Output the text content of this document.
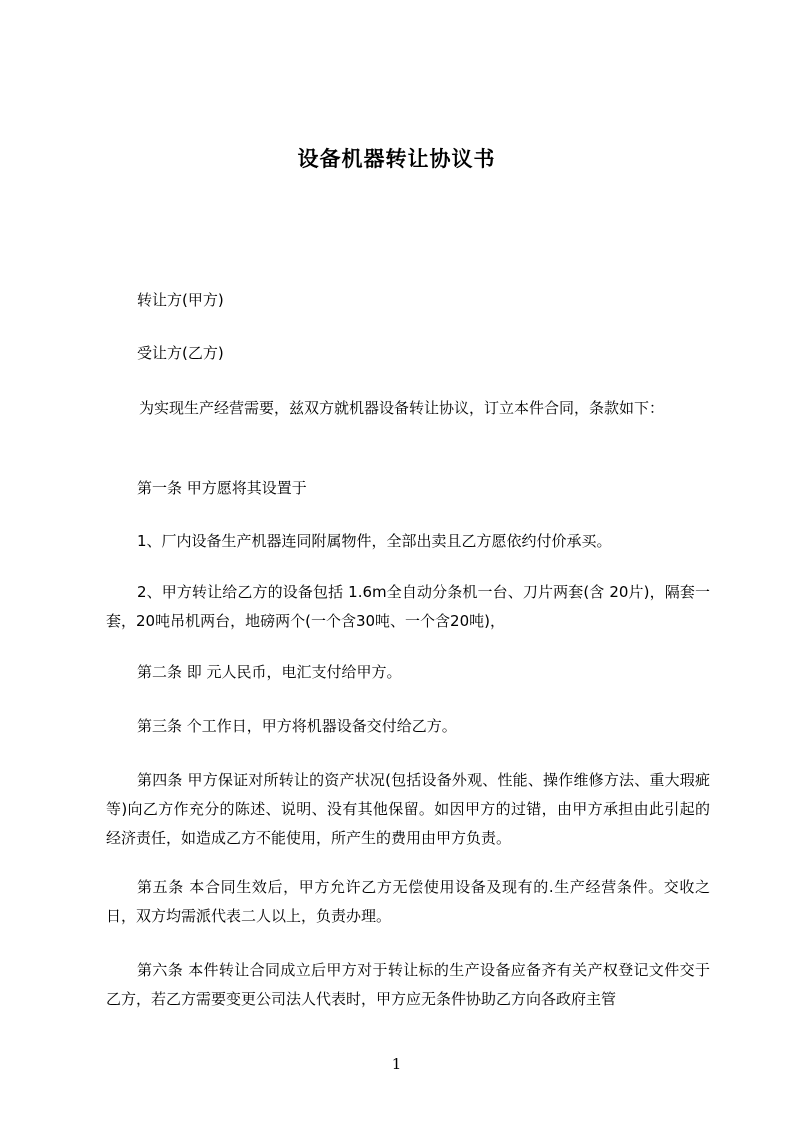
设备机器转让协议书
转让方(甲方)
受让方(乙方)
为实现生产经营需要，兹双方就机器设备转让协议，订立本件合同，条款如下：
第一条 甲方愿将其设置于
1、厂内设备生产机器连同附属物件，全部出卖且乙方愿依约付价承买。
2、甲方转让给乙方的设备包括 1.6m全自动分条机一台、刀片两套(含 20片)，隔套一套，20吨吊机两台，地磅两个(一个含30吨、一个含20吨)，
第二条 即 元人民币，电汇支付给甲方。
第三条 个工作日，甲方将机器设备交付给乙方。
第四条 甲方保证对所转让的资产状况(包括设备外观、性能、操作维修方法、重大瑕疵等)向乙方作充分的陈述、说明、没有其他保留。如因甲方的过错，由甲方承担由此引起的经济责任，如造成乙方不能使用，所产生的费用由甲方负责。
第五条 本合同生效后，甲方允许乙方无偿使用设备及现有的.生产经营条件。交收之日，双方均需派代表二人以上，负责办理。
第六条 本件转让合同成立后甲方对于转让标的生产设备应备齐有关产权登记文件交于乙方，若乙方需要变更公司法人代表时，甲方应无条件协助乙方向各政府主管
1
